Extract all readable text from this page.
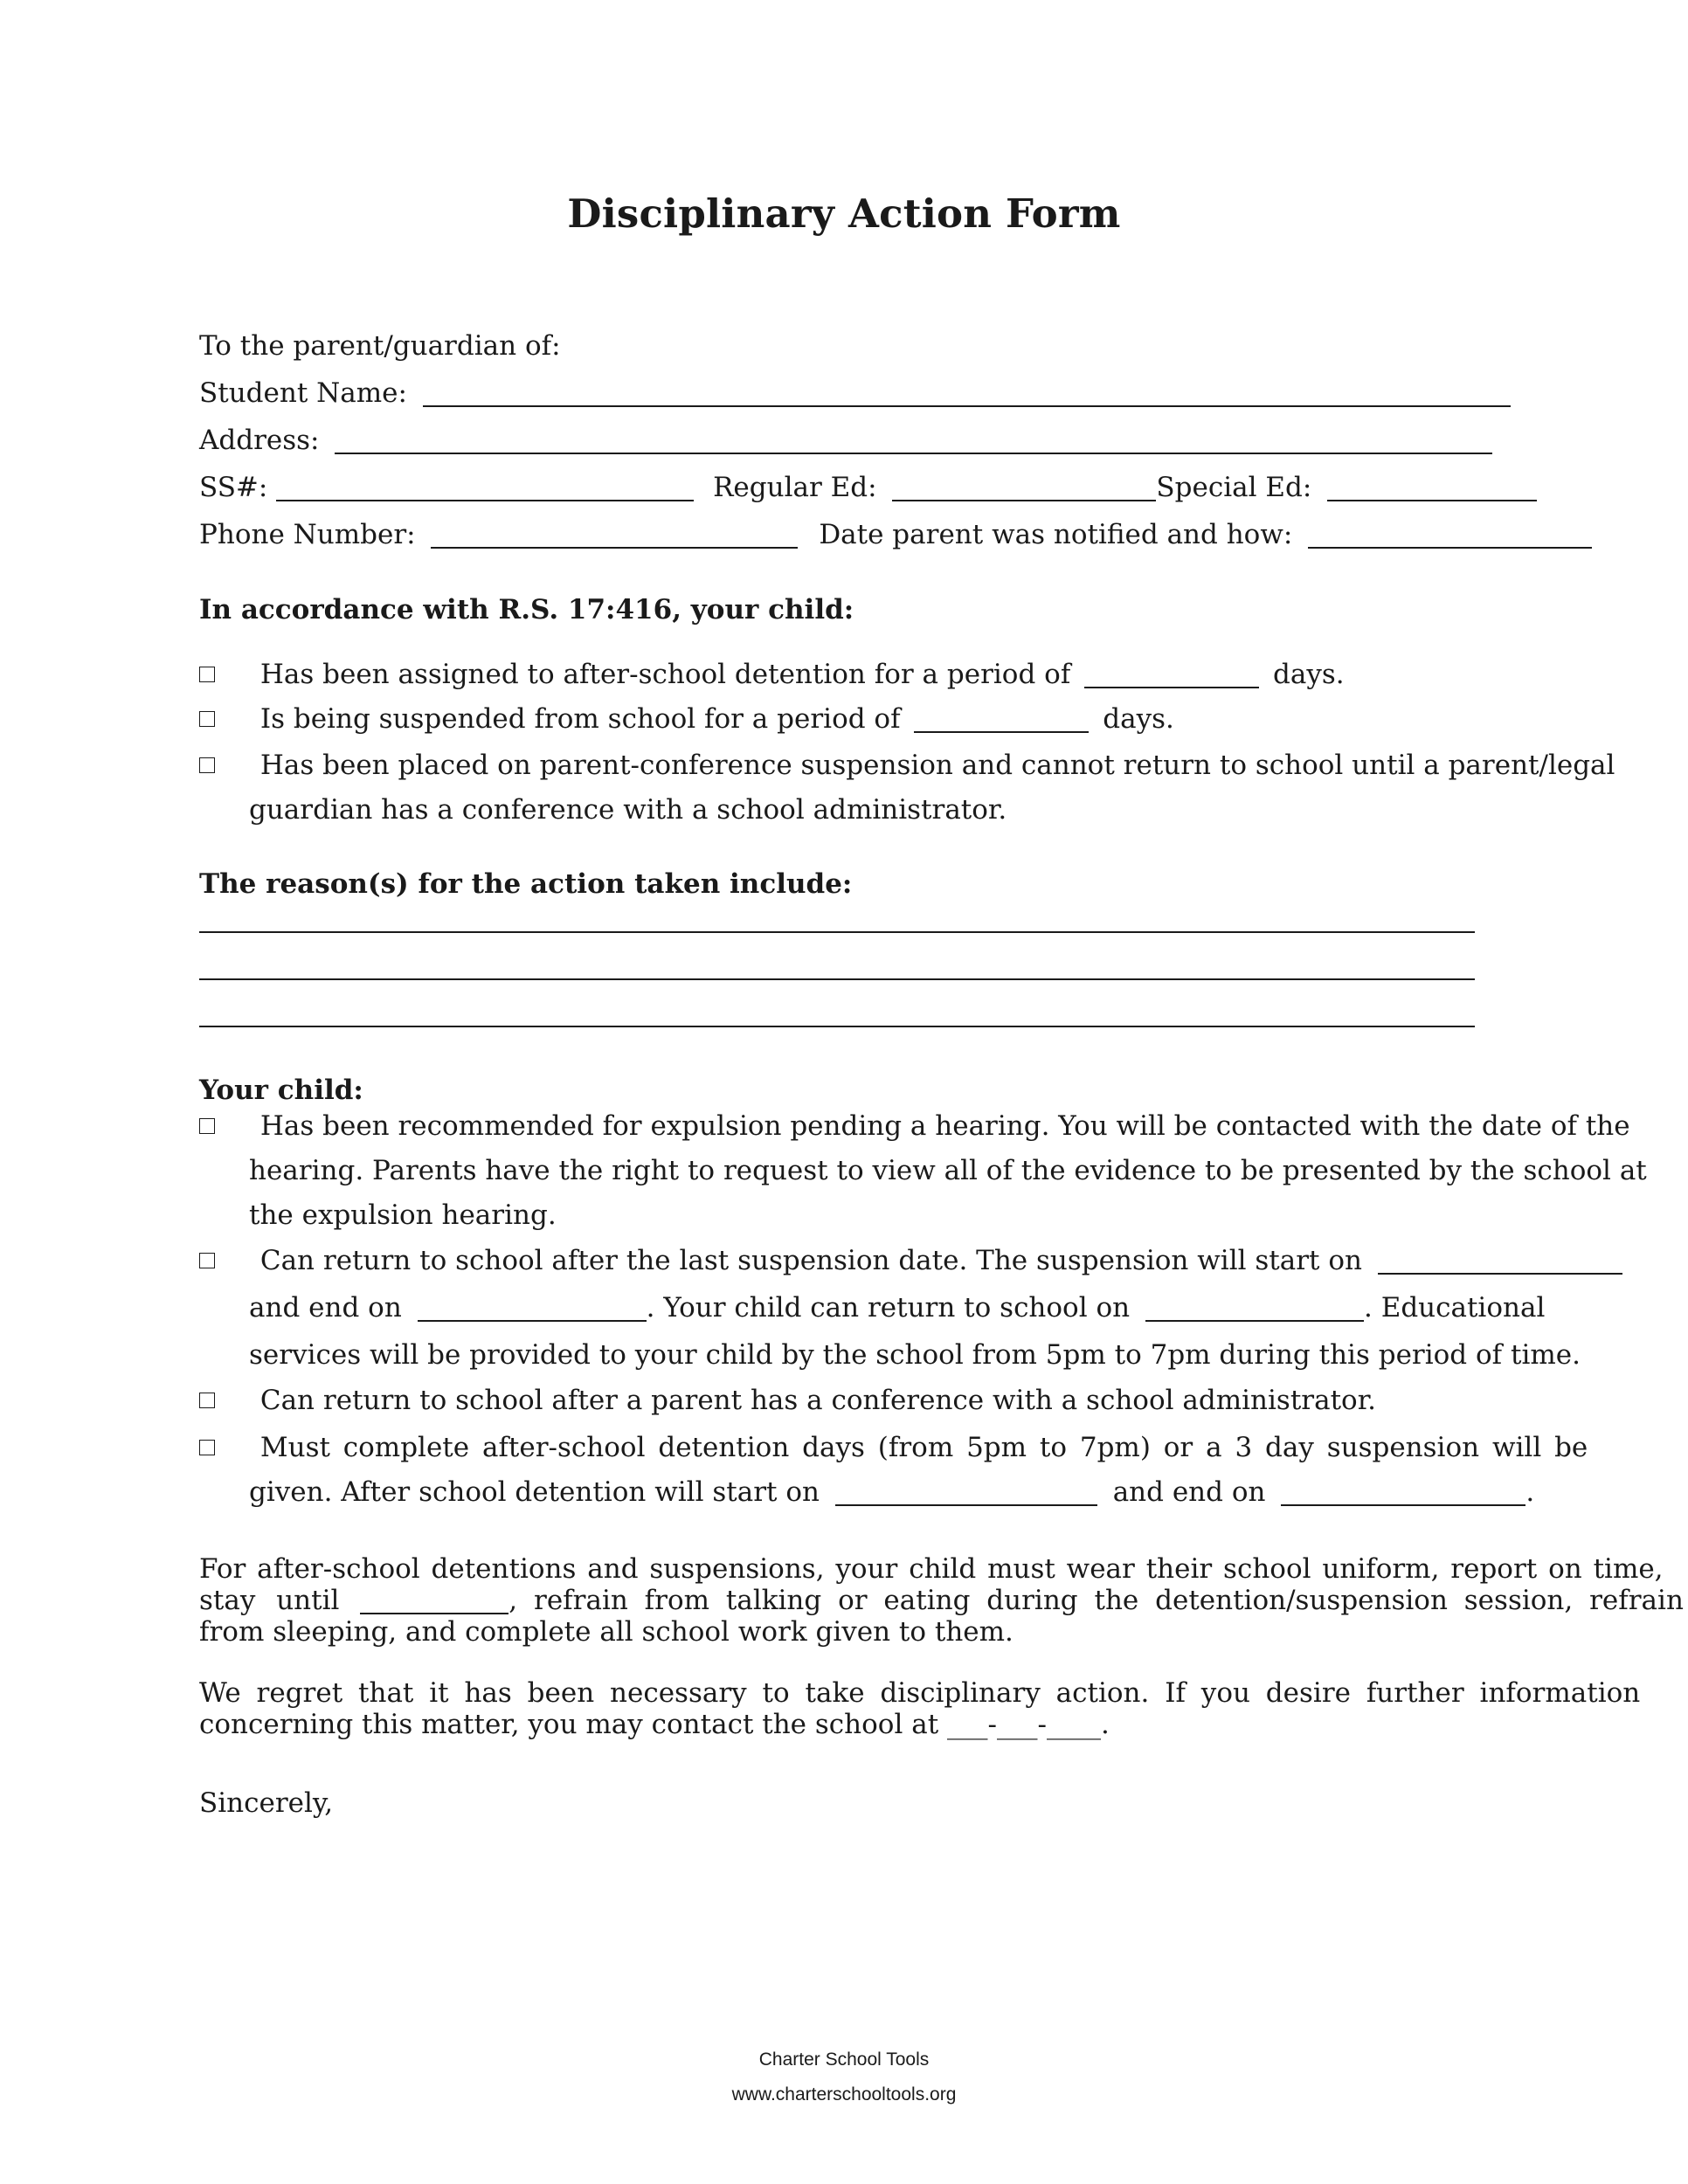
Disciplinary Action Form
To the parent/guardian of:
Student Name:
Address:
SS#:	Regular Ed:	Special Ed:
Phone Number:	Date parent was notified and how:
In accordance with R.S. 17:416, your child:
Has been assigned to after-school detention for a period of	days.
Is being suspended from school for a period of	days.
Has been placed on parent-conference suspension and cannot return to school until a parent/legal
guardian has a conference with a school administrator.
The reason(s) for the action taken include:
Your child:
Has been recommended for expulsion pending a hearing. You will be contacted with the date of the
hearing. Parents have the right to request to view all of the evidence to be presented by the school at
the expulsion hearing.
Can return to school after the last suspension date. The suspension will start on
and end on	. Your child can return to school on	. Educational
services will be provided to your child by the school from 5pm to 7pm during this period of time.
Can return to school after a parent has a conference with a school administrator.
Must complete after-school detention days (from 5pm to 7pm) or a 3 day suspension will be
given. After school detention will start on	and end on	.
For after-school detentions and suspensions, your child must wear their school uniform, report on time,
stay until	, refrain from talking or eating during the detention/suspension session, refrain
from sleeping, and complete all school work given to them.
We regret that it has been necessary to take disciplinary action. If you desire further information
concerning this matter, you may contact the school at ___-___-____.
Sincerely,
Charter School Tools
www.charterschooltools.org
